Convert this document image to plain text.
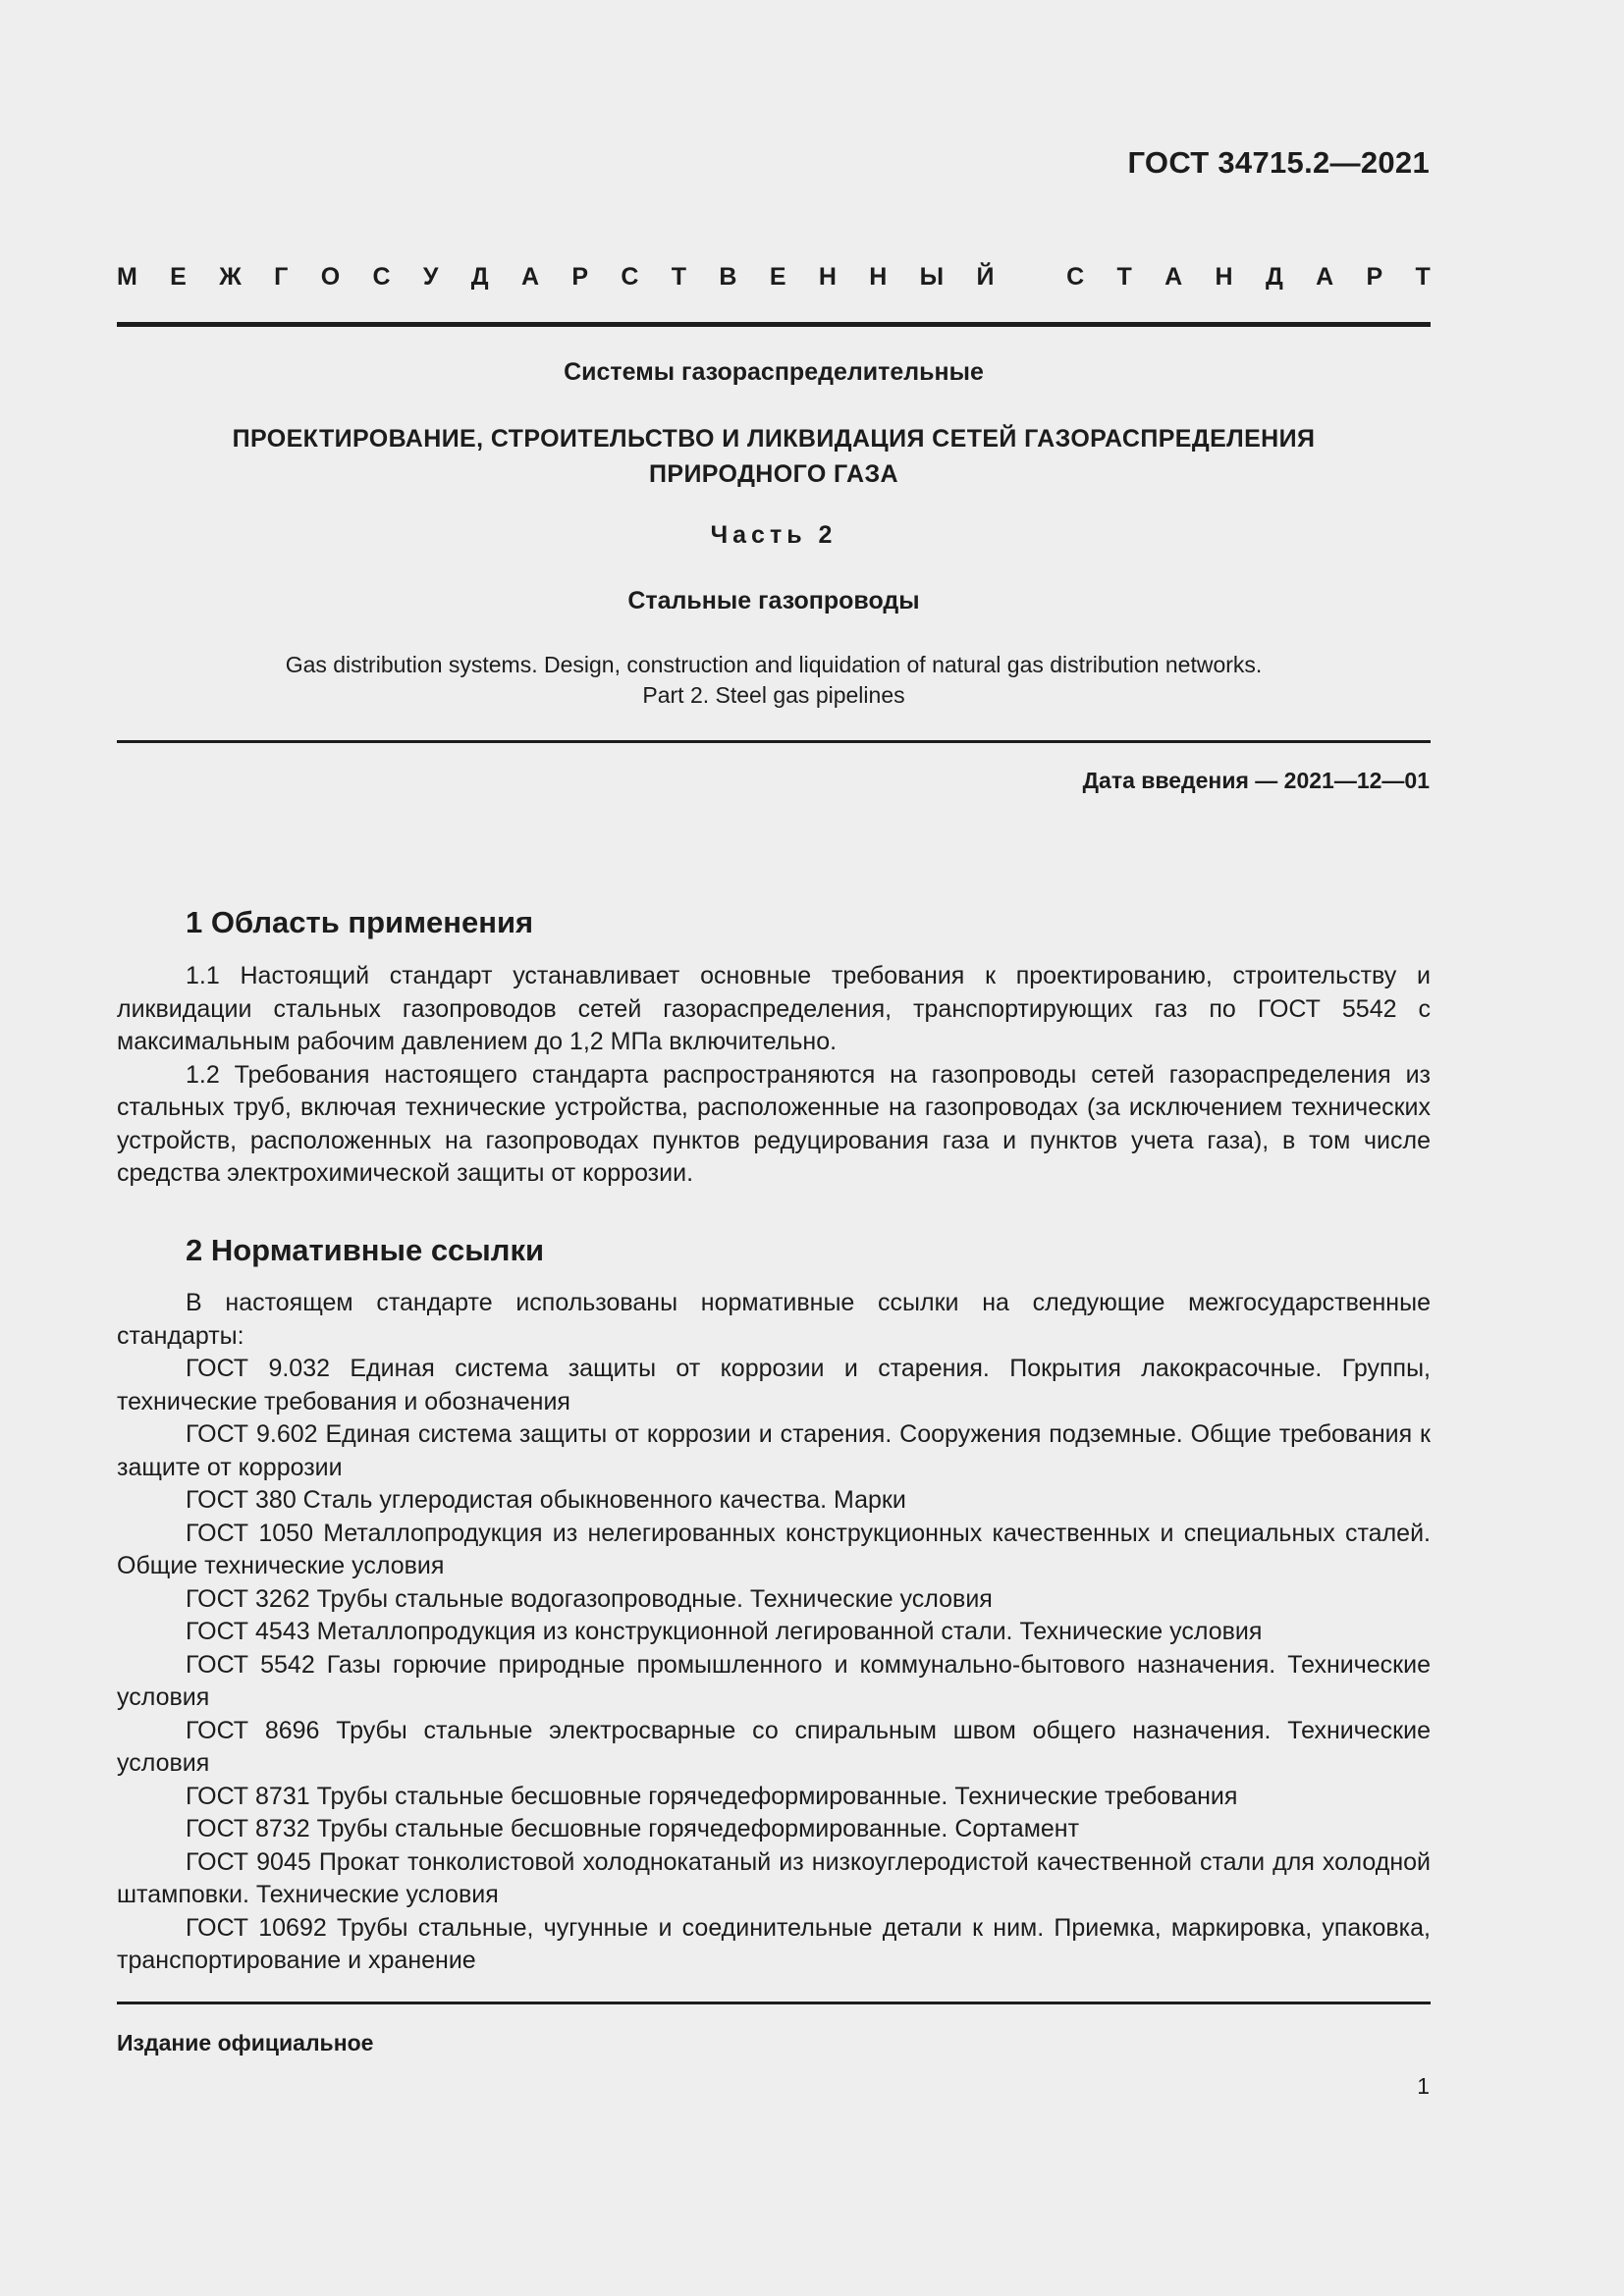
ГОСТ 34715.2—2021
М Е Ж Г О С У Д А Р С Т В Е Н Н Ы Й
	С Т А Н Д А Р Т
Системы газораспределительные
ПРОЕКТИРОВАНИЕ, СТРОИТЕЛЬСТВО И ЛИКВИДАЦИЯ СЕТЕЙ ГАЗОРАСПРЕДЕЛЕНИЯ
ПРИРОДНОГО ГАЗА
Часть 2
Стальные газопроводы
Gas distribution systems. Design, construction and liquidation of natural gas distribution networks.
Part 2. Steel gas pipelines
Дата введения — 2021—12—01
1 Область применения

1.1 Настоящий стандарт устанавливает основные требования к проектированию, строительству и ликвидации стальных газопроводов сетей газораспределения, транспортирующих газ по ГОСТ 5542 с максимальным рабочим давлением до 1,2 МПа включительно.

1.2 Требования настоящего стандарта распространяются на газопроводы сетей газораспределения из стальных труб, включая технические устройства, расположенные на газопроводах (за исключением технических устройств, расположенных на газопроводах пунктов редуцирования газа и пунктов учета газа), в том числе средства электрохимической защиты от коррозии.

2 Нормативные ссылки

В настоящем стандарте использованы нормативные ссылки на следующие межгосударственные стандарты:

ГОСТ 9.032 Единая система защиты от коррозии и старения. Покрытия лакокрасочные. Группы, технические требования и обозначения

ГОСТ 9.602 Единая система защиты от коррозии и старения. Сооружения подземные. Общие требования к защите от коррозии

ГОСТ 380 Сталь углеродистая обыкновенного качества. Марки

ГОСТ 1050 Металлопродукция из нелегированных конструкционных качественных и специальных сталей. Общие технические условия

ГОСТ 3262 Трубы стальные водогазопроводные. Технические условия

ГОСТ 4543 Металлопродукция из конструкционной легированной стали. Технические условия

ГОСТ 5542 Газы горючие природные промышленного и коммунально-бытового назначения. Технические условия

ГОСТ 8696 Трубы стальные электросварные со спиральным швом общего назначения. Технические условия

ГОСТ 8731 Трубы стальные бесшовные горячедеформированные. Технические требования

ГОСТ 8732 Трубы стальные бесшовные горячедеформированные. Сортамент

ГОСТ 9045 Прокат тонколистовой холоднокатаный из низкоуглеродистой качественной стали для холодной штамповки. Технические условия

ГОСТ 10692 Трубы стальные, чугунные и соединительные детали к ним. Приемка, маркировка, упаковка, транспортирование и хранение

Издание официальное
1
